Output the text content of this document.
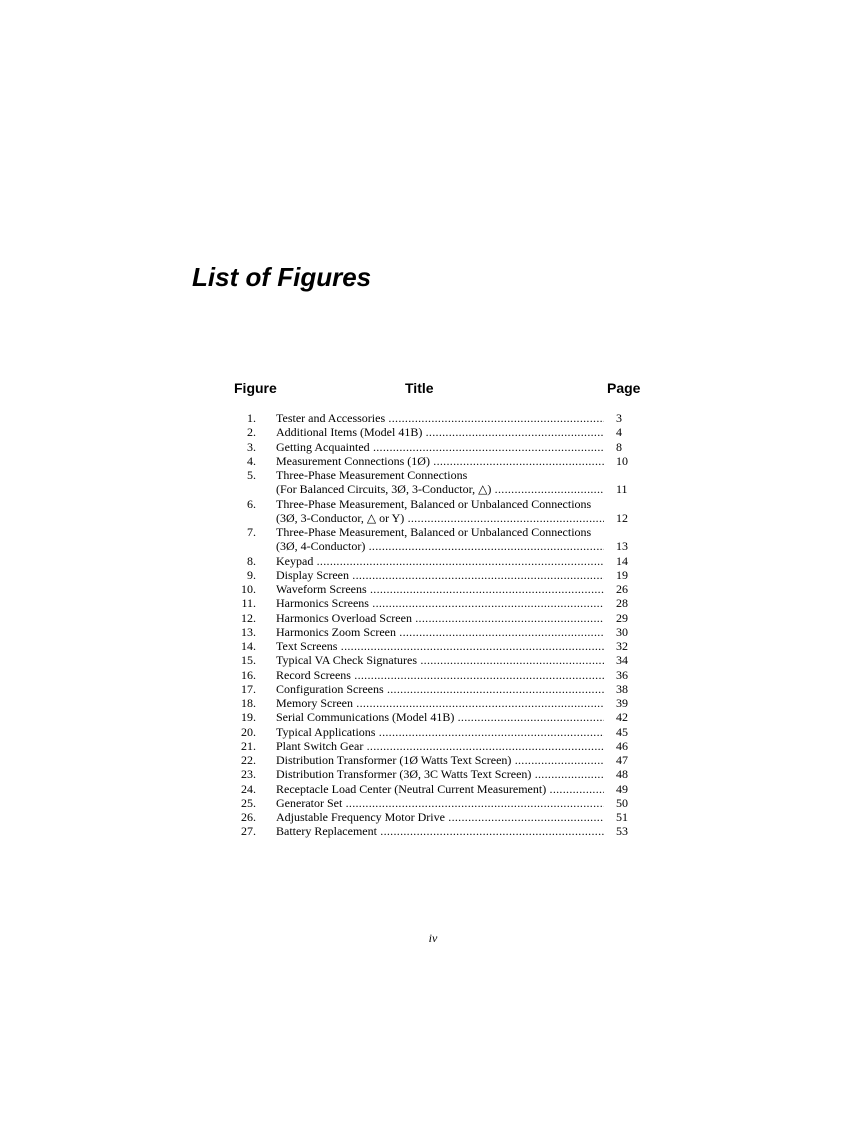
List of Figures
Figure	Title	Page
1. Tester and Accessories .....	3
2. Additional Items (Model 41B) .....	4
3. Getting Acquainted .....	8
4. Measurement Connections (1Ø) .....	10
5. Three-Phase Measurement Connections
(For Balanced Circuits, 3Ø, 3-Conductor, △) .....	11
6. Three-Phase Measurement, Balanced or Unbalanced Connections
(3Ø, 3-Conductor, △ or Y) .....	12
7. Three-Phase Measurement, Balanced or Unbalanced Connections
(3Ø, 4-Conductor) .....	13
8. Keypad .....	14
9. Display Screen .....	19
10. Waveform Screens .....	26
11. Harmonics Screens .....	28
12. Harmonics Overload Screen .....	29
13. Harmonics Zoom Screen .....	30
14. Text Screens .....	32
15. Typical VA Check Signatures .....	34
16. Record Screens .....	36
17. Configuration Screens .....	38
18. Memory Screen .....	39
19. Serial Communications (Model 41B) .....	42
20. Typical Applications .....	45
21. Plant Switch Gear .....	46
22. Distribution Transformer (1Ø Watts Text Screen) .....	47
23. Distribution Transformer (3Ø, 3C Watts Text Screen) .....	48
24. Receptacle Load Center (Neutral Current Measurement) .....	49
25. Generator Set .....	50
26. Adjustable Frequency Motor Drive .....	51
27. Battery Replacement .....	53
iv
